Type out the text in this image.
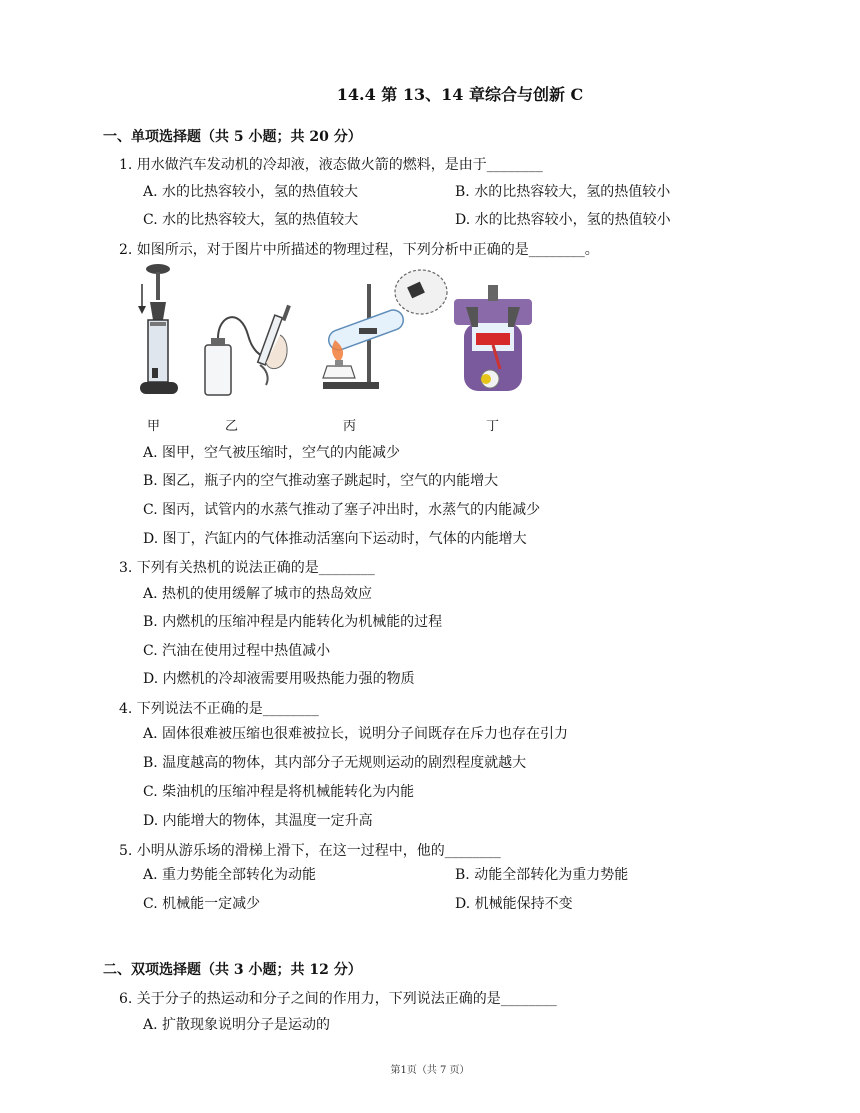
14.4 第 13、14 章综合与创新 C
一、单项选择题（共 5 小题；共 20 分）
1. 用水做汽车发动机的冷却液，液态做火箭的燃料，是由于________
A. 水的比热容较小，氢的热值较大	B. 水的比热容较大，氢的热值较小
C. 水的比热容较大，氢的热值较大	D. 水的比热容较小，氢的热值较小
2. 如图所示，对于图片中所描述的物理过程，下列分析中正确的是________。
甲	乙	丙	丁
A. 图甲，空气被压缩时，空气的内能减少
B. 图乙，瓶子内的空气推动塞子跳起时，空气的内能增大
C. 图丙，试管内的水蒸气推动了塞子冲出时，水蒸气的内能减少
D. 图丁，汽缸内的气体推动活塞向下运动时，气体的内能增大
3. 下列有关热机的说法正确的是________
A. 热机的使用缓解了城市的热岛效应
B. 内燃机的压缩冲程是内能转化为机械能的过程
C. 汽油在使用过程中热值减小
D. 内燃机的冷却液需要用吸热能力强的物质
4. 下列说法不正确的是________
A. 固体很难被压缩也很难被拉长，说明分子间既存在斥力也存在引力
B. 温度越高的物体，其内部分子无规则运动的剧烈程度就越大
C. 柴油机的压缩冲程是将机械能转化为内能
D. 内能增大的物体，其温度一定升高
5. 小明从游乐场的滑梯上滑下，在这一过程中，他的________
A. 重力势能全部转化为动能	B. 动能全部转化为重力势能
C. 机械能一定减少	D. 机械能保持不变
二、双项选择题（共 3 小题；共 12 分）
6. 关于分子的热运动和分子之间的作用力，下列说法正确的是________
A. 扩散现象说明分子是运动的
第1页（共 7 页）
